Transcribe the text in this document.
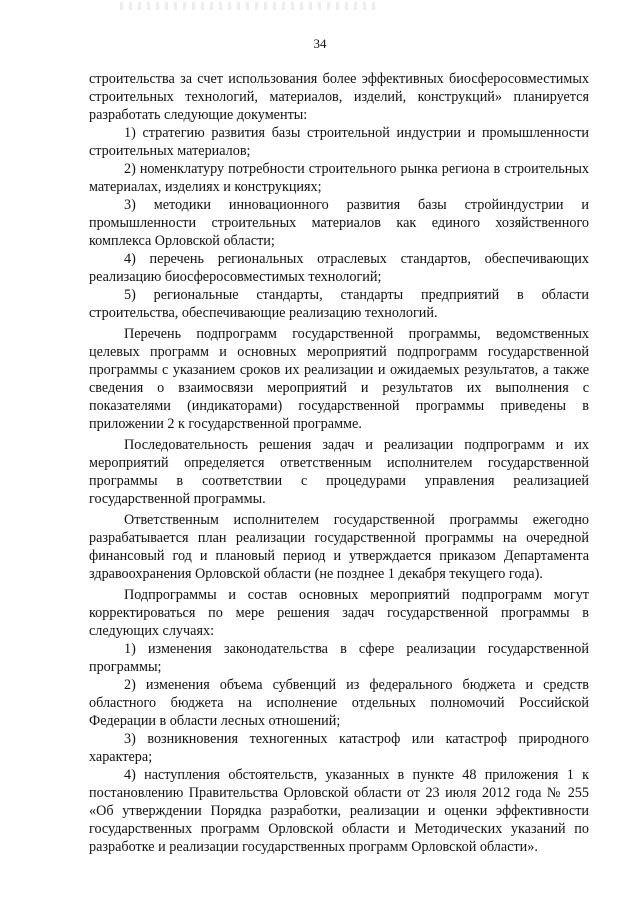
34

строительства за счет использования более эффективных биосферосовместимых строительных технологий, материалов, изделий, конструкций» планируется разработать следующие документы:

1) стратегию развития базы строительной индустрии и промышленности строительных материалов;

2) номенклатуру потребности строительного рынка региона в строительных материалах, изделиях и конструкциях;

3) методики инновационного развития базы стройиндустрии и промышленности строительных материалов как единого хозяйственного комплекса Орловской области;

4) перечень региональных отраслевых стандартов, обеспечивающих реализацию биосферосовместимых технологий;

5) региональные стандарты, стандарты предприятий в области строительства, обеспечивающие реализацию технологий.

Перечень подпрограмм государственной программы, ведомственных целевых программ и основных мероприятий подпрограмм государственной программы с указанием сроков их реализации и ожидаемых результатов, а также сведения о взаимосвязи мероприятий и результатов их выполнения с показателями (индикаторами) государственной программы приведены в приложении 2 к государственной программе.

Последовательность решения задач и реализации подпрограмм и их мероприятий определяется ответственным исполнителем государственной программы в соответствии с процедурами управления реализацией государственной программы.

Ответственным исполнителем государственной программы ежегодно разрабатывается план реализации государственной программы на очередной финансовый год и плановый период и утверждается приказом Департамента здравоохранения Орловской области (не позднее 1 декабря текущего года).

Подпрограммы и состав основных мероприятий подпрограмм могут корректироваться по мере решения задач государственной программы в следующих случаях:

1) изменения законодательства в сфере реализации государственной программы;

2) изменения объема субвенций из федерального бюджета и средств областного бюджета на исполнение отдельных полномочий Российской Федерации в области лесных отношений;

3) возникновения техногенных катастроф или катастроф природного характера;

4) наступления обстоятельств, указанных в пункте 48 приложения 1 к постановлению Правительства Орловской области от 23 июля 2012 года № 255 «Об утверждении Порядка разработки, реализации и оценки эффективности государственных программ Орловской области и Методических указаний по разработке и реализации государственных программ Орловской области».
